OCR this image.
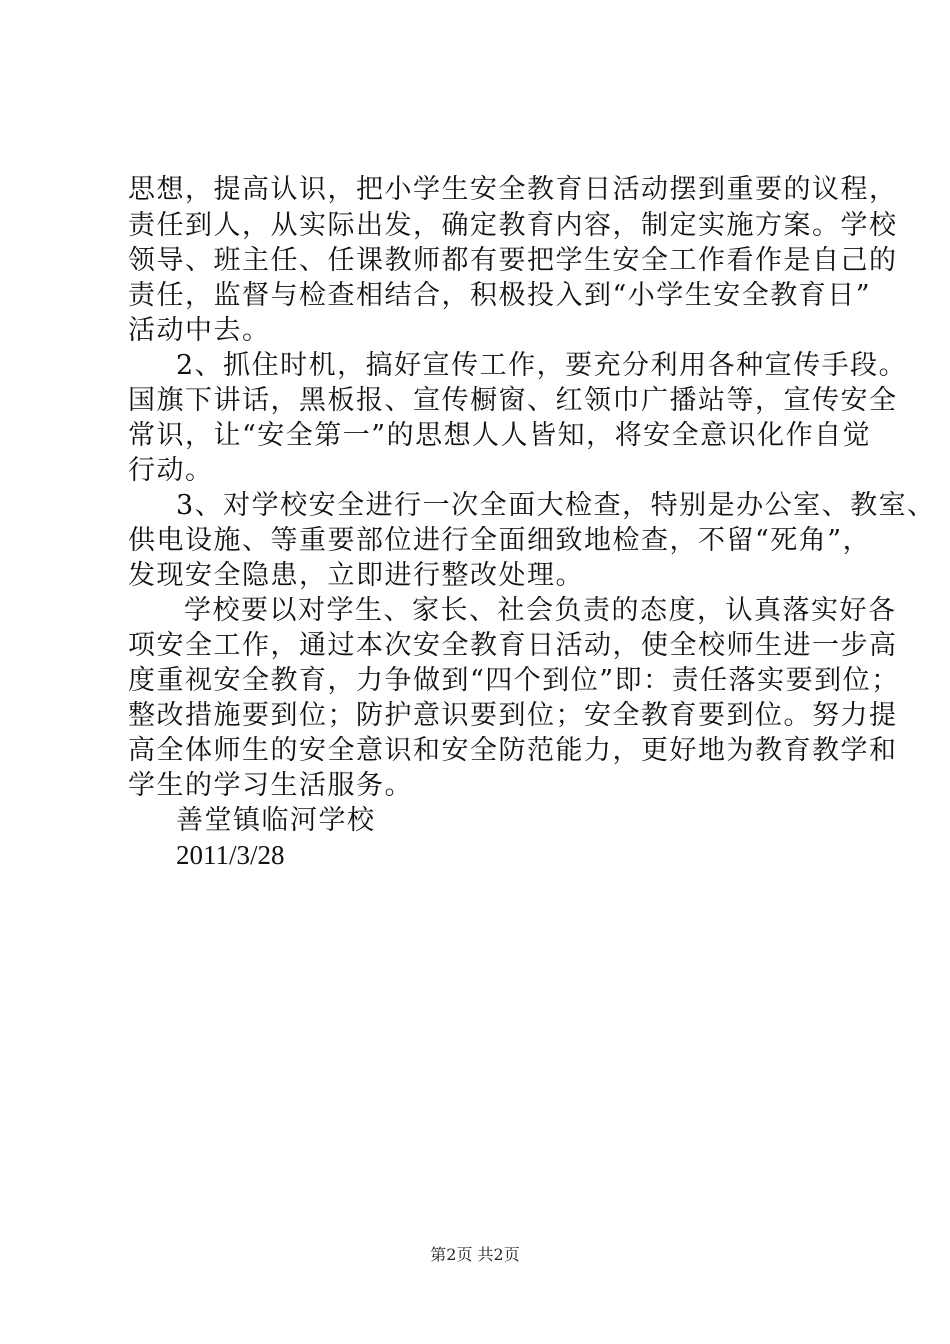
思想，提高认识，把小学生安全教育日活动摆到重要的议程，
责任到人，从实际出发，确定教育内容，制定实施方案。学校
领导、班主任、任课教师都有要把学生安全工作看作是自己的
责任，监督与检查相结合，积极投入到“小学生安全教育日”
活动中去。
2、抓住时机，搞好宣传工作，要充分利用各种宣传手段。
国旗下讲话，黑板报、宣传橱窗、红领巾广播站等，宣传安全
常识，让“安全第一”的思想人人皆知，将安全意识化作自觉
行动。
3、对学校安全进行一次全面大检查，特别是办公室、教室、
供电设施、等重要部位进行全面细致地检查，不留“死角”，
发现安全隐患，立即进行整改处理。
学校要以对学生、家长、社会负责的态度，认真落实好各
项安全工作，通过本次安全教育日活动，使全校师生进一步高
度重视安全教育，力争做到“四个到位”即：责任落实要到位；
整改措施要到位；防护意识要到位；安全教育要到位。努力提
高全体师生的安全意识和安全防范能力，更好地为教育教学和
学生的学习生活服务。
善堂镇临河学校
2011/3/28
第2页 共2页
